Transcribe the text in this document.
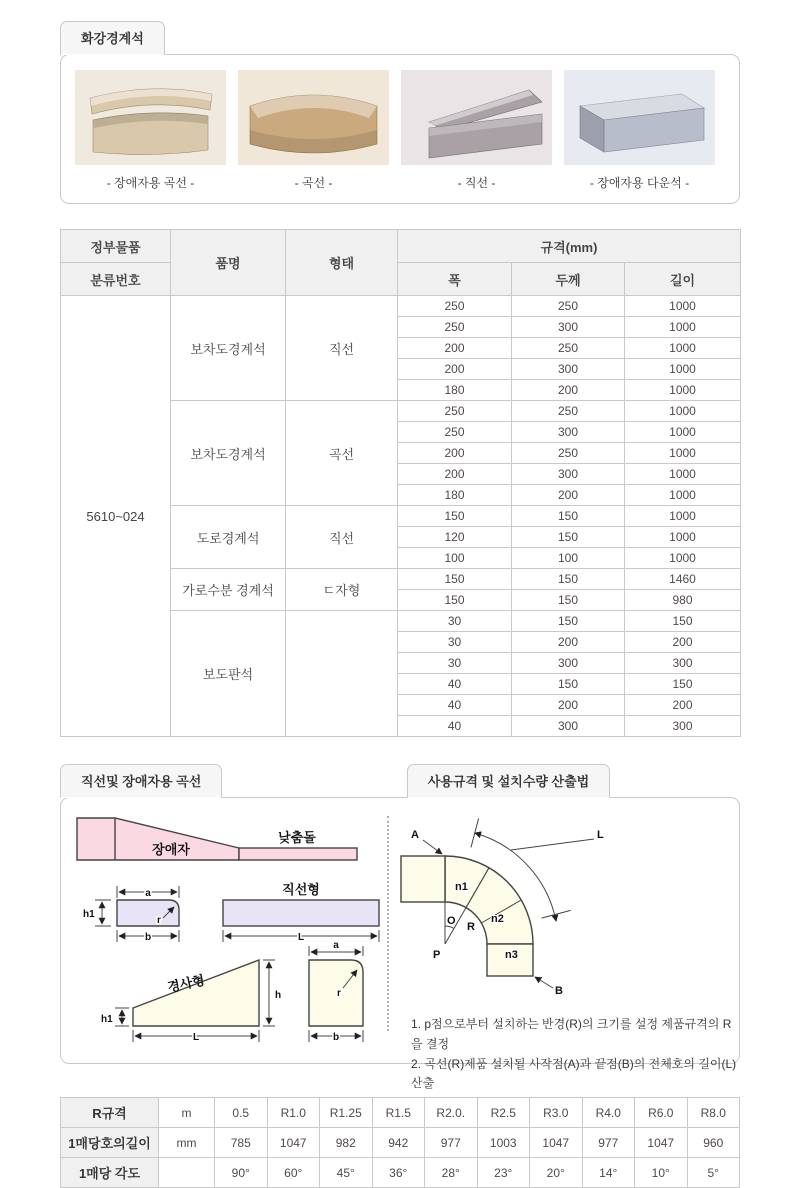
화강경계석
- 장애자용 곡선 -	- 곡선 -	- 직선 -	- 장애자용 다운석 -
정부물품	품명	형태	규격(mm)		
분류번호			폭	두께	길이
5610~024	보차도경계석	직선	250	250	1000
			250	300	1000
			200	250	1000
			200	300	1000
			180	200	1000
	보차도경계석	곡선	250	250	1000
			250	300	1000
			200	250	1000
			200	300	1000
			180	200	1000
	도로경계석	직선	150	150	1000
			120	150	1000
			100	100	1000
	가로수분 경계석	ㄷ자형	150	150	1460
			150	150	980
	보도판석		30	150	150
			30	200	200
			30	300	300
			40	150	150
			40	200	200
			40	300	300
직선및 장애자용 곡선	사용규격 및 설치수량 산출법
장애자
낮춤돌
a
h1
r
b
직선형
L
경사형
h1
h
L
a
r
b
A	L
n1
n2
n3
O R
P
B
1. p점으로부터 설치하는 반경(R)의 크기를 설정 제품규격의 R을 결정
2. 곡선(R)제품 설치될 사작점(A)과 끝점(B)의 전체호의 길이(L)산출
R규격	m	0.5	R1.0	R1.25	R1.5	R2.0.	R2.5	R3.0	R4.0	R6.0	R8.0
1매당호의길이	mm	785	1047	982	942	977	1003	1047	977	1047	960
1매당 각도		90°	60°	45°	36°	28°	23°	20°	14°	10°	5°
